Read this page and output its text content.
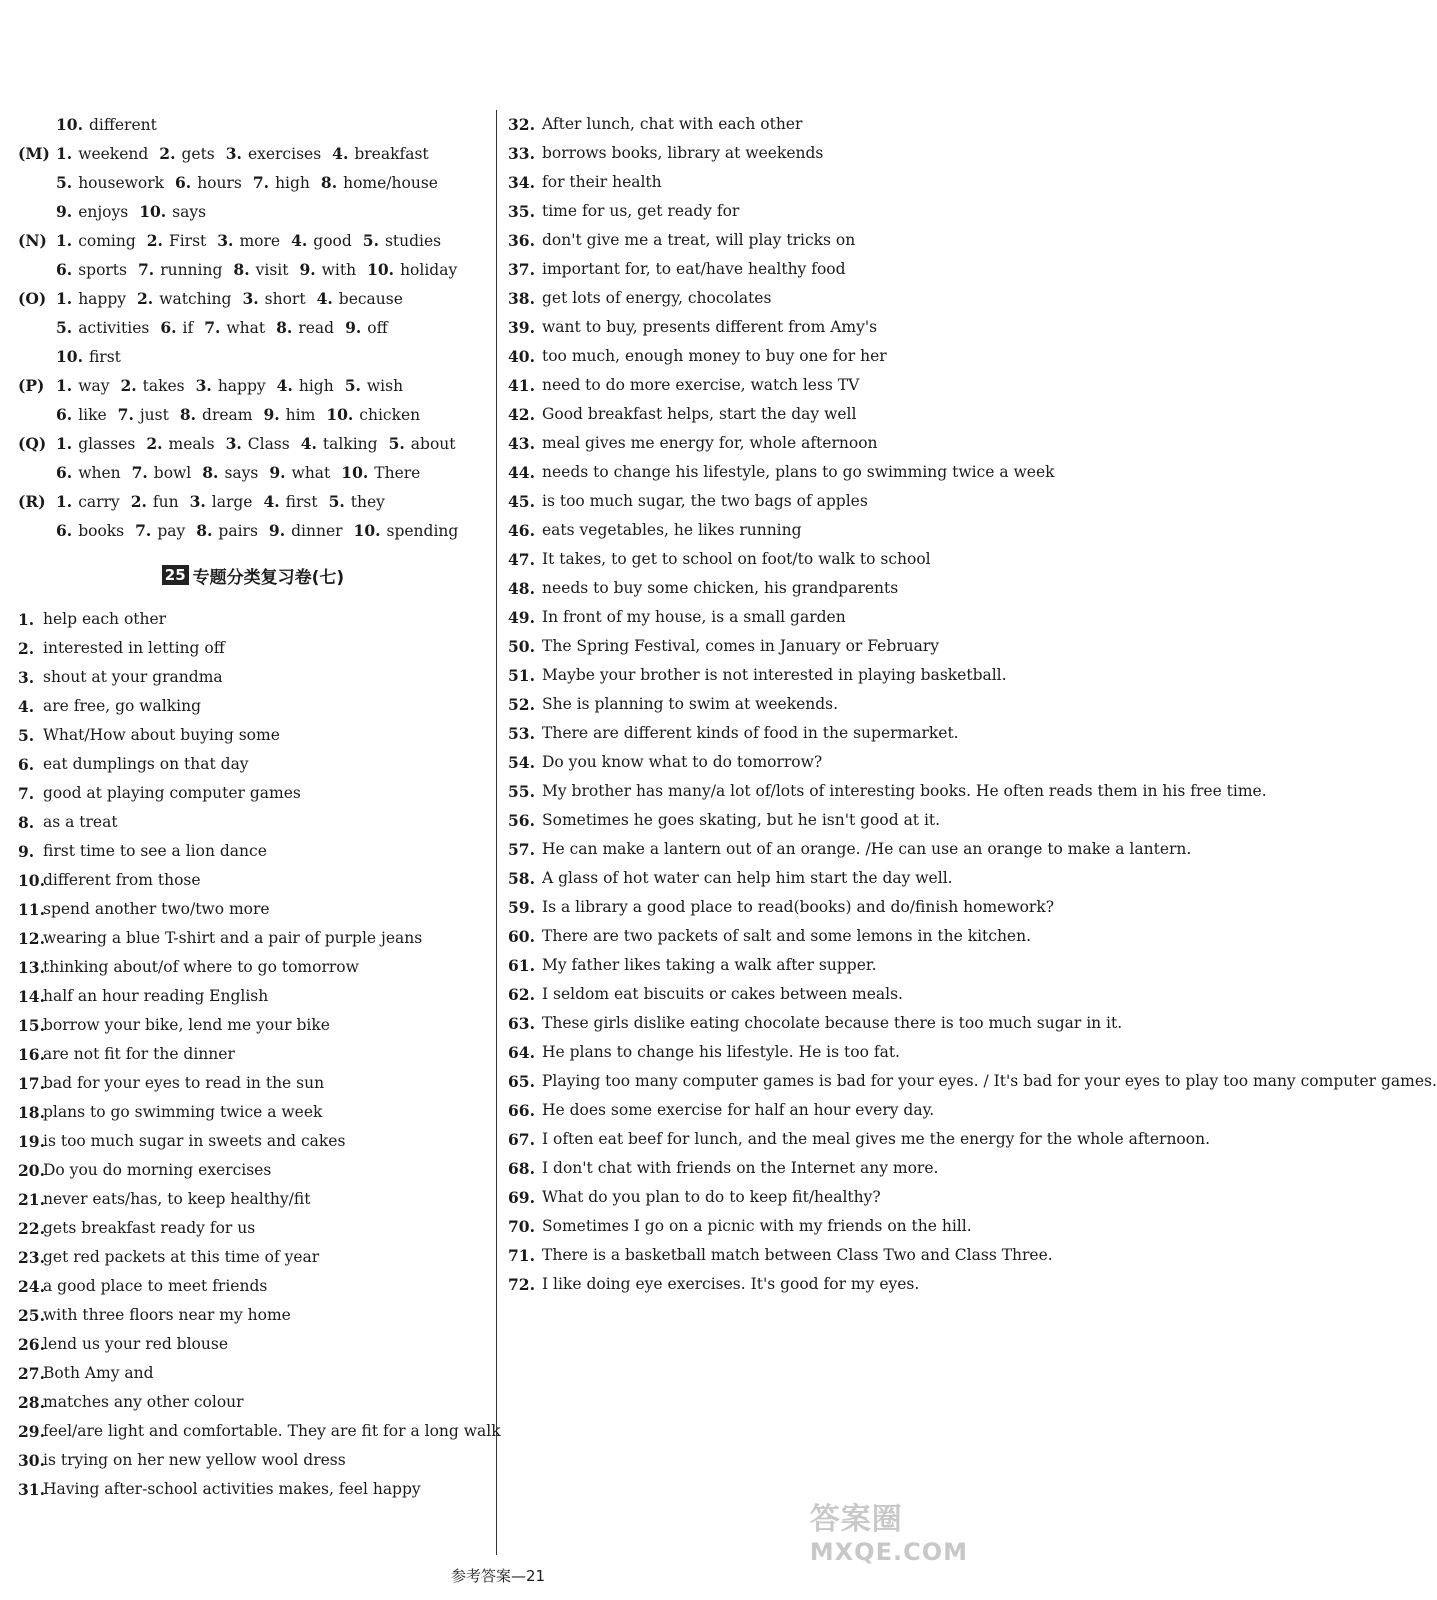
10. different
(M) 1. weekend 2. gets 3. exercises 4. breakfast
5. housework 6. hours 7. high 8. home/house
9. enjoys 10. says
(N) 1. coming 2. First 3. more 4. good 5. studies
6. sports 7. running 8. visit 9. with 10. holiday
(O) 1. happy 2. watching 3. short 4. because
5. activities 6. if 7. what 8. read 9. off
10. first
(P) 1. way 2. takes 3. happy 4. high 5. wish
6. like 7. just 8. dream 9. him 10. chicken
(Q) 1. glasses 2. meals 3. Class 4. talking 5. about
6. when 7. bowl 8. says 9. what 10. There
(R) 1. carry 2. fun 3. large 4. first 5. they
6. books 7. pay 8. pairs 9. dinner 10. spending
25 专题分类复习卷(七)
1. help each other
2. interested in letting off
3. shout at your grandma
4. are free, go walking
5. What/How about buying some
6. eat dumplings on that day
7. good at playing computer games
8. as a treat
9. first time to see a lion dance
10.
different from those
11.
spend another two/two more
12.
wearing a blue T-shirt and a pair of purple jeans
13.
thinking about/of where to go tomorrow
14.
half an hour reading English
15.
borrow your bike, lend me your bike
16.
are not fit for the dinner
17.
bad for your eyes to read in the sun
18.
plans to go swimming twice a week
19.
is too much sugar in sweets and cakes
20.
Do you do morning exercises
21.
never eats/has, to keep healthy/fit
22.
gets breakfast ready for us
23.
get red packets at this time of year
24.
a good place to meet friends
25.
with three floors near my home
26.
lend us your red blouse
27.
Both Amy and
28.
matches any other colour
29.
feel/are light and comfortable. They are fit for a long walk
30.
is trying on her new yellow wool dress
31.
Having after-school activities makes, feel happy
32. After lunch, chat with each other
33. borrows books, library at weekends
34. for their health
35. time for us, get ready for
36. don't give me a treat, will play tricks on
37. important for, to eat/have healthy food
38. get lots of energy, chocolates
39. want to buy, presents different from Amy's
40. too much, enough money to buy one for her
41. need to do more exercise, watch less TV
42. Good breakfast helps, start the day well
43. meal gives me energy for, whole afternoon
44. needs to change his lifestyle, plans to go swimming twice a week
45. is too much sugar, the two bags of apples
46. eats vegetables, he likes running
47. It takes, to get to school on foot/to walk to school
48. needs to buy some chicken, his grandparents
49. In front of my house, is a small garden
50. The Spring Festival, comes in January or February
51. Maybe your brother is not interested in playing basketball.
52. She is planning to swim at weekends.
53. There are different kinds of food in the supermarket.
54. Do you know what to do tomorrow?
55. My brother has many/a lot of/lots of interesting books. He often reads them in his free time.
56. Sometimes he goes skating, but he isn't good at it.
57. He can make a lantern out of an orange. /He can use an orange to make a lantern.
58. A glass of hot water can help him start the day well.
59. Is a library a good place to read(books) and do/finish homework?
60. There are two packets of salt and some lemons in the kitchen.
61. My father likes taking a walk after supper.
62. I seldom eat biscuits or cakes between meals.
63. These girls dislike eating chocolate because there is too much sugar in it.
64. He plans to change his lifestyle. He is too fat.
65. Playing too many computer games is bad for your eyes. / It's bad for your eyes to play too many computer games.
66. He does some exercise for half an hour every day.
67. I often eat beef for lunch, and the meal gives me the energy for the whole afternoon.
68. I don't chat with friends on the Internet any more.
69. What do you plan to do to keep fit/healthy?
70. Sometimes I go on a picnic with my friends on the hill.
71. There is a basketball match between Class Two and Class Three.
72. I like doing eye exercises. It's good for my eyes.
答案圈
MXQE.COM
参考答案—21
